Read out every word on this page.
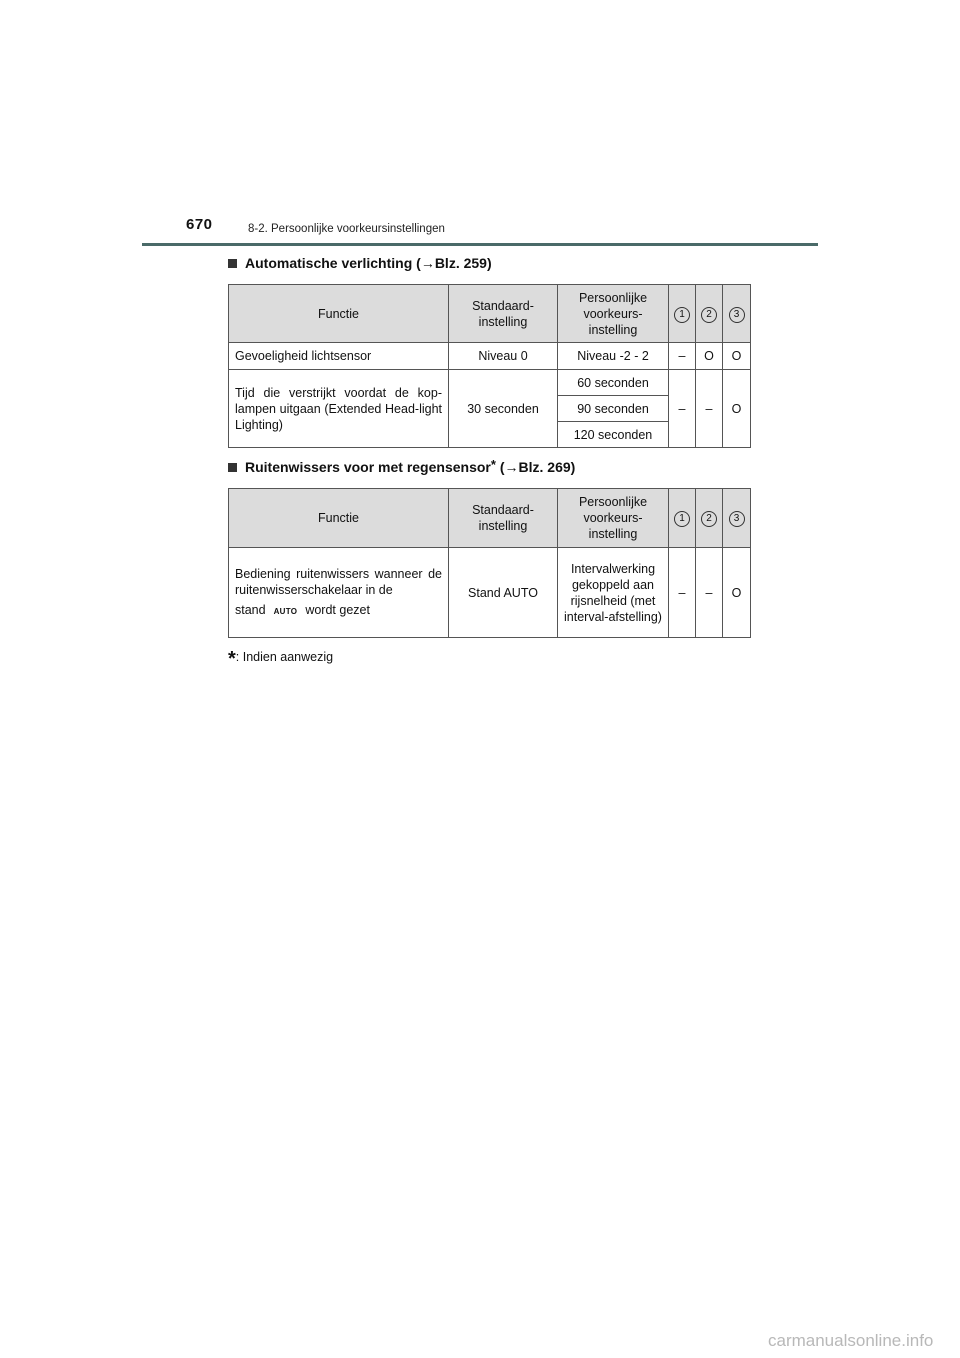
670	8-2. Persoonlijke voorkeursinstellingen
Automatische verlichting ( → Blz. 259)
Functie	Standaard-instelling	Persoonlijke voorkeurs-instelling	1	2	3
Gevoeligheid lichtsensor	Niveau 0	Niveau -2 - 2	–	O	O
Tijd die verstrijkt voordat de kop-lampen uitgaan (Extended Head-light Lighting)	30 seconden	60 seconden	–	–	O
		90 seconden			
		120 seconden			
Ruitenwissers voor met regensensor* ( → Blz. 269)
Functie	Standaard-instelling	Persoonlijke voorkeurs-instelling	1	2	3

Bediening ruitenwissers wanneer de ruitenwisserschakelaar in de
stand AUTO wordt gezet	Stand AUTO	Intervalwerking gekoppeld aan rijsnelheid (met interval-afstelling)	–	–	O
*: Indien aanwezig
carmanualsonline.info
